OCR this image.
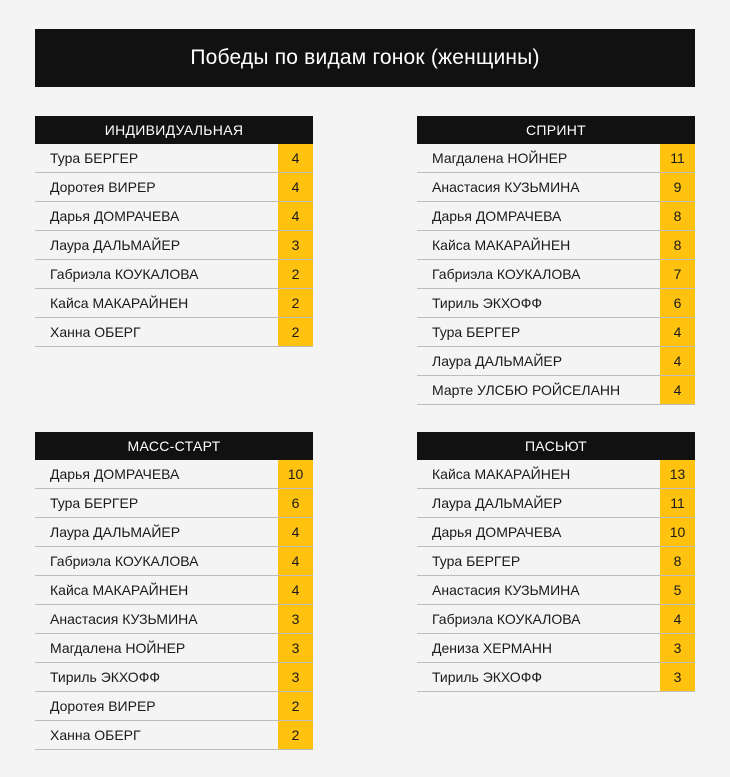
Победы по видам гонок (женщины)
ИНДИВИДУАЛЬНАЯ
Тура БЕРГЕР	4
Доротея ВИРЕР	4
Дарья ДОМРАЧЕВА	4
Лаура ДАЛЬМАЙЕР	3
Габриэла КОУКАЛОВА	2
Кайса МАКАРАЙНЕН	2
Ханна ОБЕРГ	2
СПРИНТ
Магдалена НОЙНЕР	11
Анастасия КУЗЬМИНА	9
Дарья ДОМРАЧЕВА	8
Кайса МАКАРАЙНЕН	8
Габриэла КОУКАЛОВА	7
Тириль ЭКХОФФ	6
Тура БЕРГЕР	4
Лаура ДАЛЬМАЙЕР	4
Марте УЛСБЮ РОЙСЕЛАНН	4
МАСС-СТАРТ
Дарья ДОМРАЧЕВА	10
Тура БЕРГЕР	6
Лаура ДАЛЬМАЙЕР	4
Габриэла КОУКАЛОВА	4
Кайса МАКАРАЙНЕН	4
Анастасия КУЗЬМИНА	3
Магдалена НОЙНЕР	3
Тириль ЭКХОФФ	3
Доротея ВИРЕР	2
Ханна ОБЕРГ	2
ПАСЬЮТ
Кайса МАКАРАЙНЕН	13
Лаура ДАЛЬМАЙЕР	11
Дарья ДОМРАЧЕВА	10
Тура БЕРГЕР	8
Анастасия КУЗЬМИНА	5
Габриэла КОУКАЛОВА	4
Дениза ХЕРМАНН	3
Тириль ЭКХОФФ	3
